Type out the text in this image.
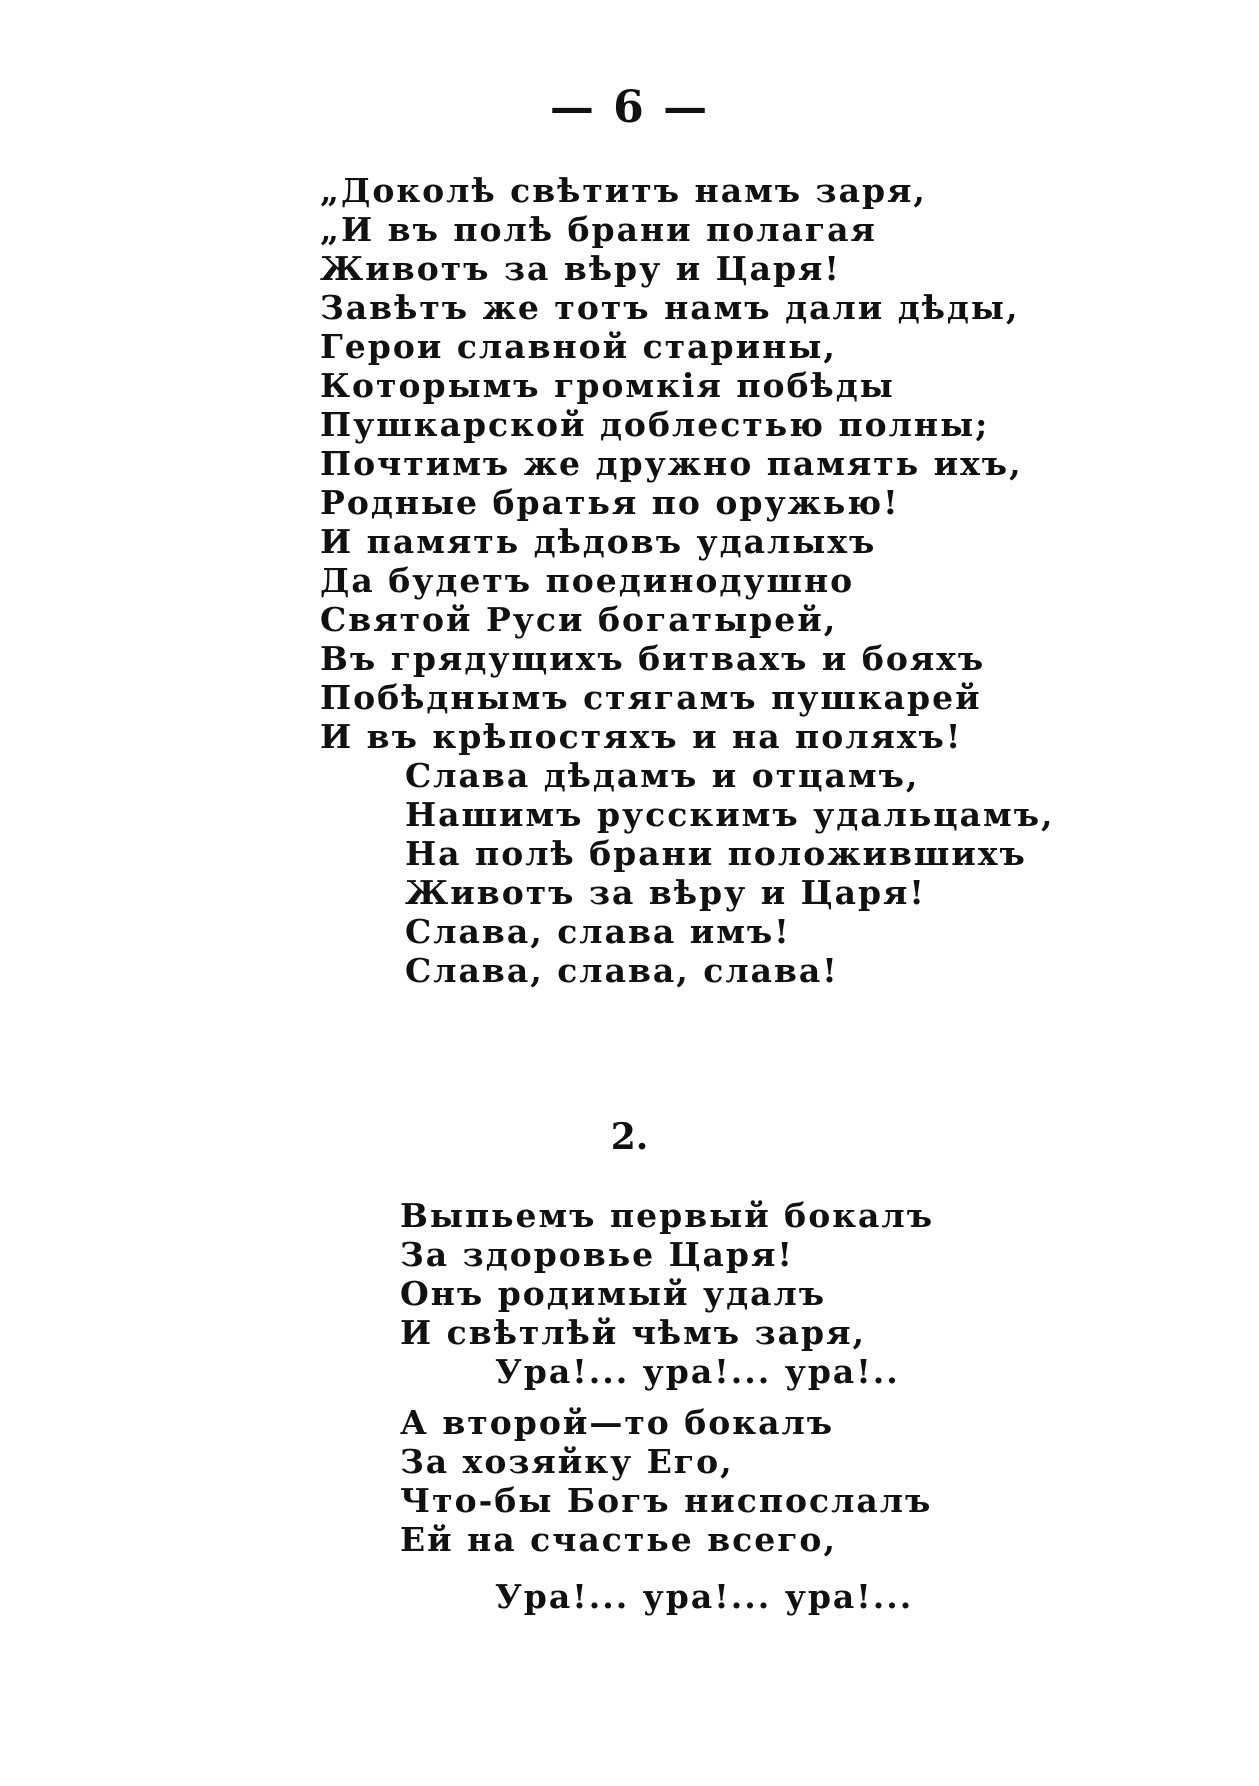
— 6 —
„Доколѣ свѣтитъ намъ заря,
„И въ полѣ брани полагая
Животъ за вѣру и Царя!
Завѣтъ же тотъ намъ дали дѣды,
Герои славной старины,
Которымъ громкія побѣды
Пушкарской доблестью полны;
Почтимъ же дружно память ихъ,
Родные братья по оружью!
И память дѣдовъ удалыхъ
Да будетъ поединодушно
Святой Руси богатырей,
Въ грядущихъ битвахъ и бояхъ
Побѣднымъ стягамъ пушкарей
И въ крѣпостяхъ и на поляхъ!
Слава дѣдамъ и отцамъ,
Нашимъ русскимъ удальцамъ,
На полѣ брани положившихъ
Животъ за вѣру и Царя!
Слава, слава имъ!
Слава, слава, слава!
2.
Выпьемъ первый бокалъ
За здоровье Царя!
Онъ родимый удалъ
И свѣтлѣй чѣмъ заря,
Ура!... ура!... ура!..
А второй—то бокалъ
За хозяйку Его,
Что-бы Богъ ниспослалъ
Ей на счастье всего,
Ура!... ура!... ура!...
